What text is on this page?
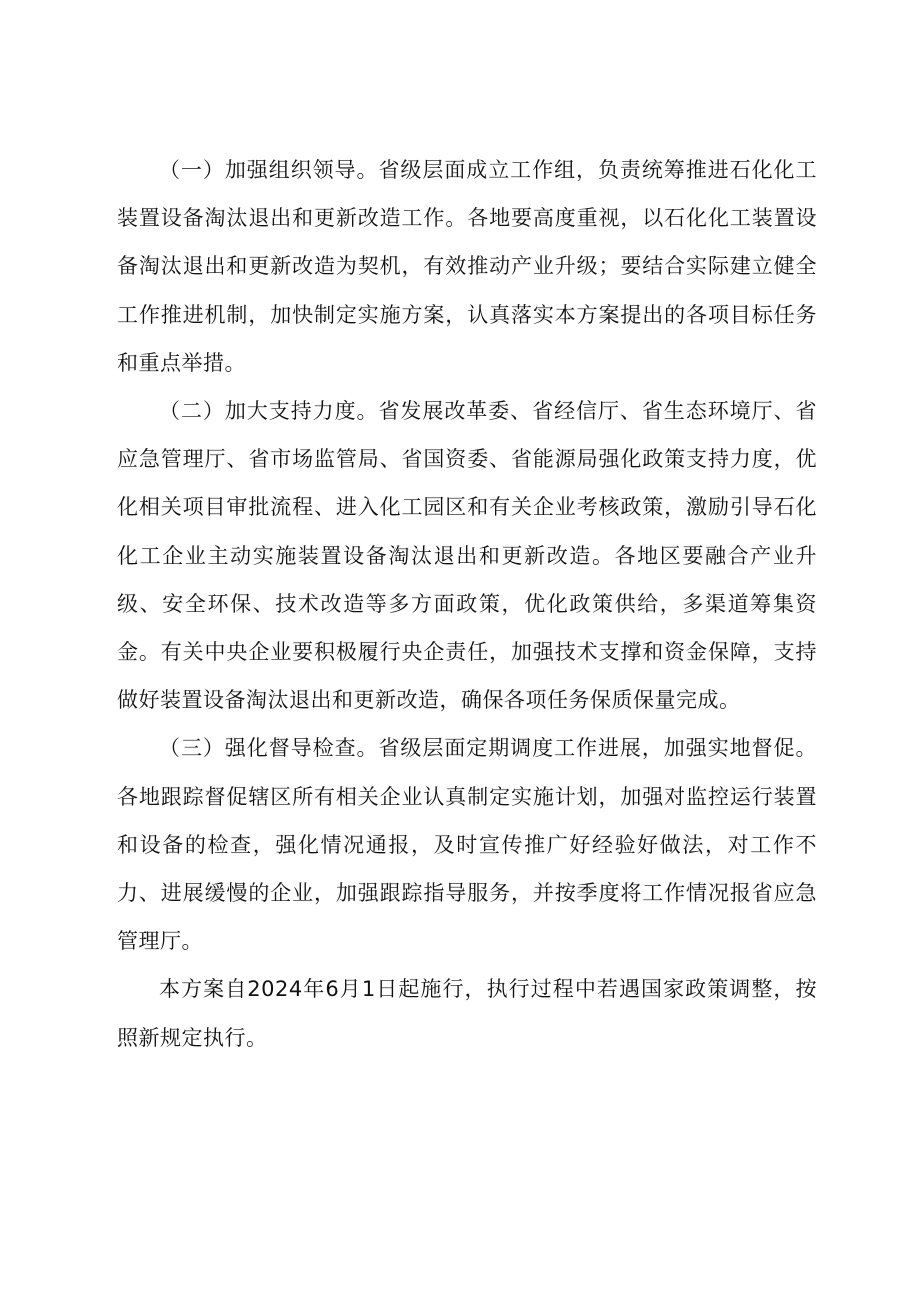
（一）加强组织领导。省级层面成立工作组，负责统筹推进石化化工装置设备淘汰退出和更新改造工作。各地要高度重视，以石化化工装置设备淘汰退出和更新改造为契机，有效推动产业升级；要结合实际建立健全工作推进机制，加快制定实施方案，认真落实本方案提出的各项目标任务和重点举措。

（二）加大支持力度。省发展改革委、省经信厅、省生态环境厅、省应急管理厅、省市场监管局、省国资委、省能源局强化政策支持力度，优化相关项目审批流程、进入化工园区和有关企业考核政策，激励引导石化化工企业主动实施装置设备淘汰退出和更新改造。各地区要融合产业升级、安全环保、技术改造等多方面政策，优化政策供给，多渠道筹集资金。有关中央企业要积极履行央企责任，加强技术支撑和资金保障，支持做好装置设备淘汰退出和更新改造，确保各项任务保质保量完成。

（三）强化督导检查。省级层面定期调度工作进展，加强实地督促。各地跟踪督促辖区所有相关企业认真制定实施计划，加强对监控运行装置和设备的检查，强化情况通报，及时宣传推广好经验好做法，对工作不力、进展缓慢的企业，加强跟踪指导服务，并按季度将工作情况报省应急管理厅。

本方案自2024年6月1日起施行，执行过程中若遇国家政策调整，按照新规定执行。
